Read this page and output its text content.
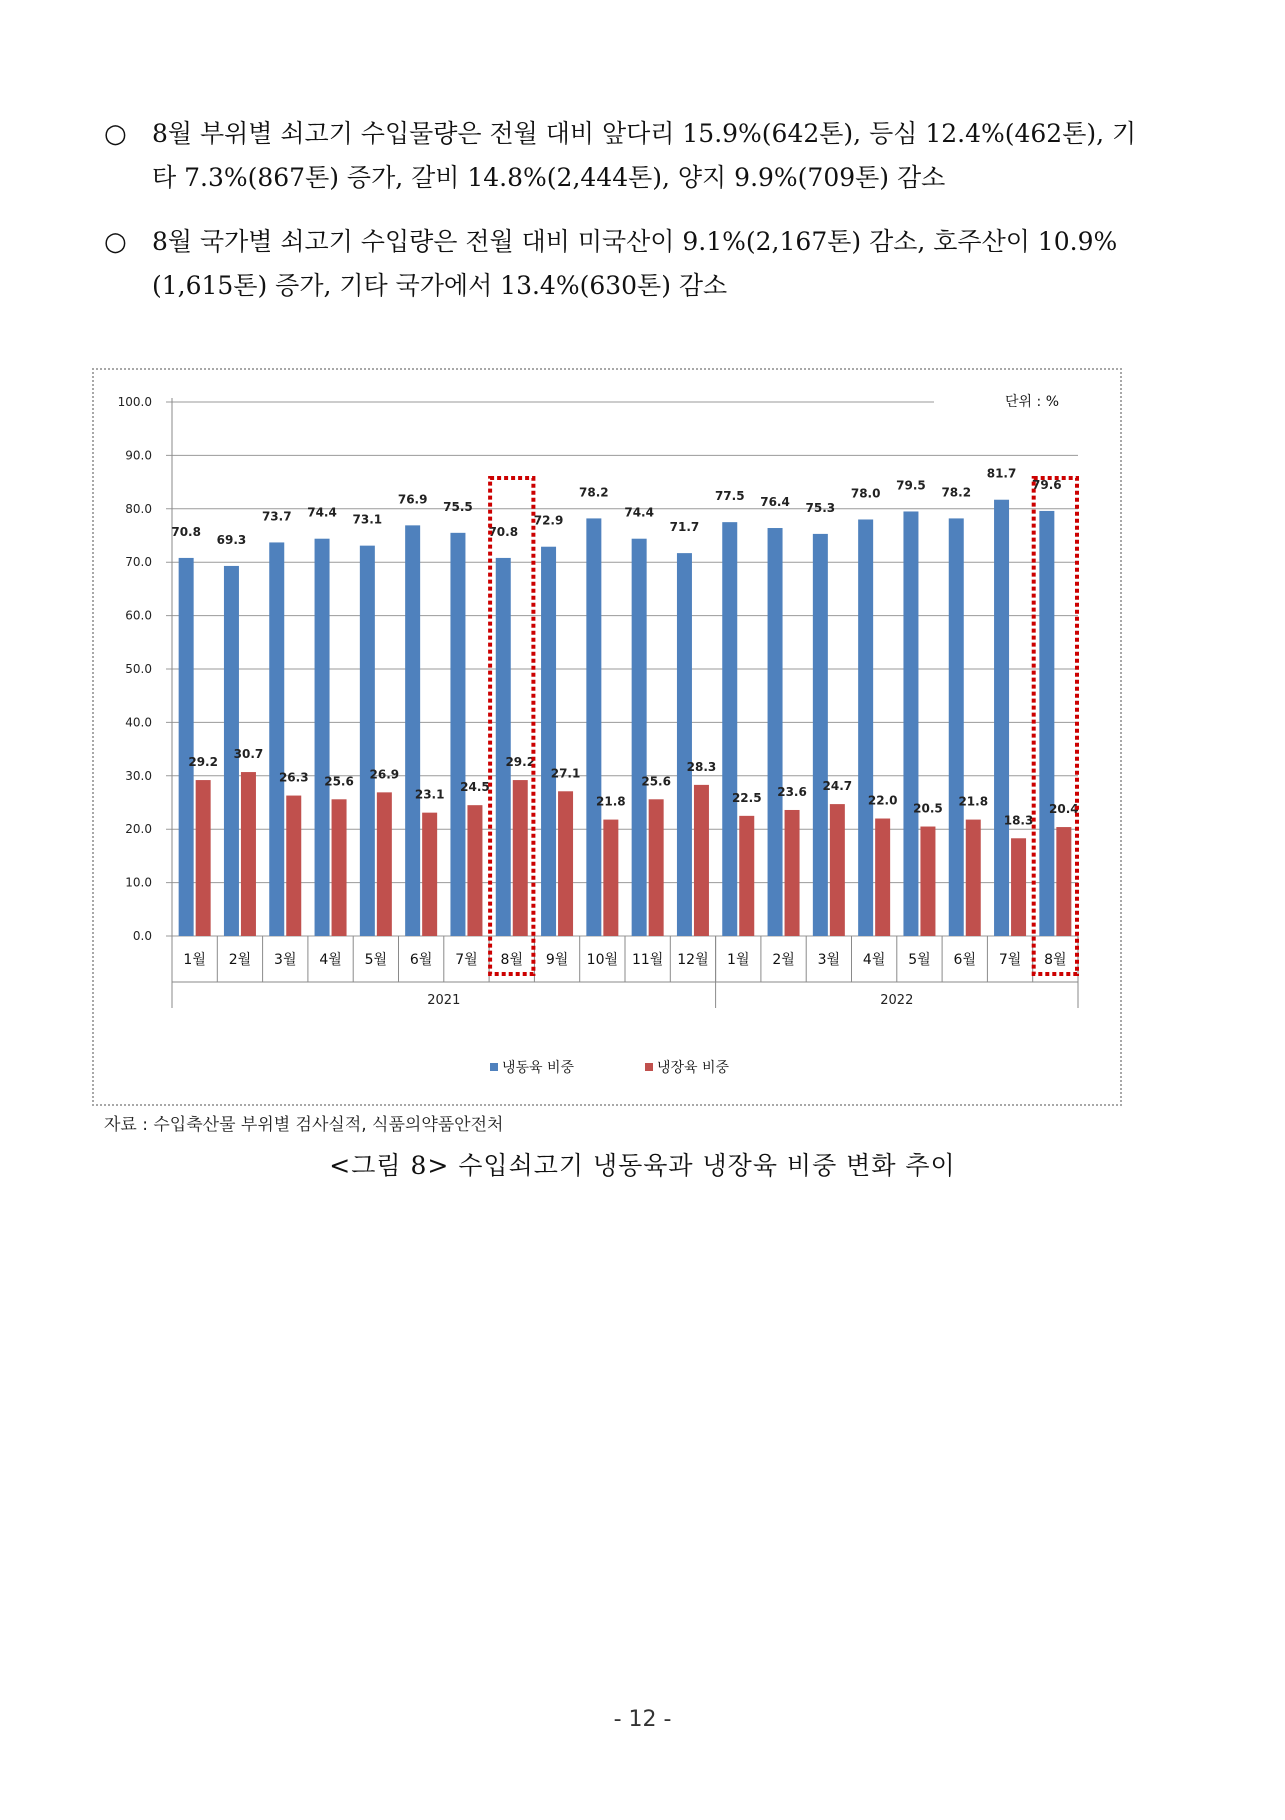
○ 8월 부위별 쇠고기 수입물량은 전월 대비 앞다리 15.9%(642톤), 등심 12.4%(462톤), 기타 7.3%(867톤) 증가, 갈비 14.8%(2,444톤), 양지 9.9%(709톤) 감소
○ 8월 국가별 쇠고기 수입량은 전월 대비 미국산이 9.1%(2,167톤) 감소, 호주산이 10.9%(1,615톤) 증가, 기타 국가에서 13.4%(630톤) 감소
0.0
10.0
20.0
30.0
40.0
50.0
60.0
70.0
80.0
90.0
100.0	단위 : %
2021	2022
70.8
29.2
1월
69.3
30.7
2월
73.7
26.3
3월
74.4
25.6
4월
73.1
26.9
5월
76.9
23.1
6월
75.5
24.5
7월
70.8
29.2
8월
72.9
27.1
9월
78.2
21.8
10월
74.4
25.6
11월
71.7
28.3
12월
77.5
22.5
1월
76.4
23.6
2월
75.3
24.7
3월
78.0
22.0
4월
79.5
20.5
5월
78.2
21.8
6월
81.7
18.3
7월
79.6
20.4
8월
냉동육 비중	냉장육 비중
자료 : 수입축산물 부위별 검사실적, 식품의약품안전처
<그림 8> 수입쇠고기 냉동육과 냉장육 비중 변화 추이
- 12 -
